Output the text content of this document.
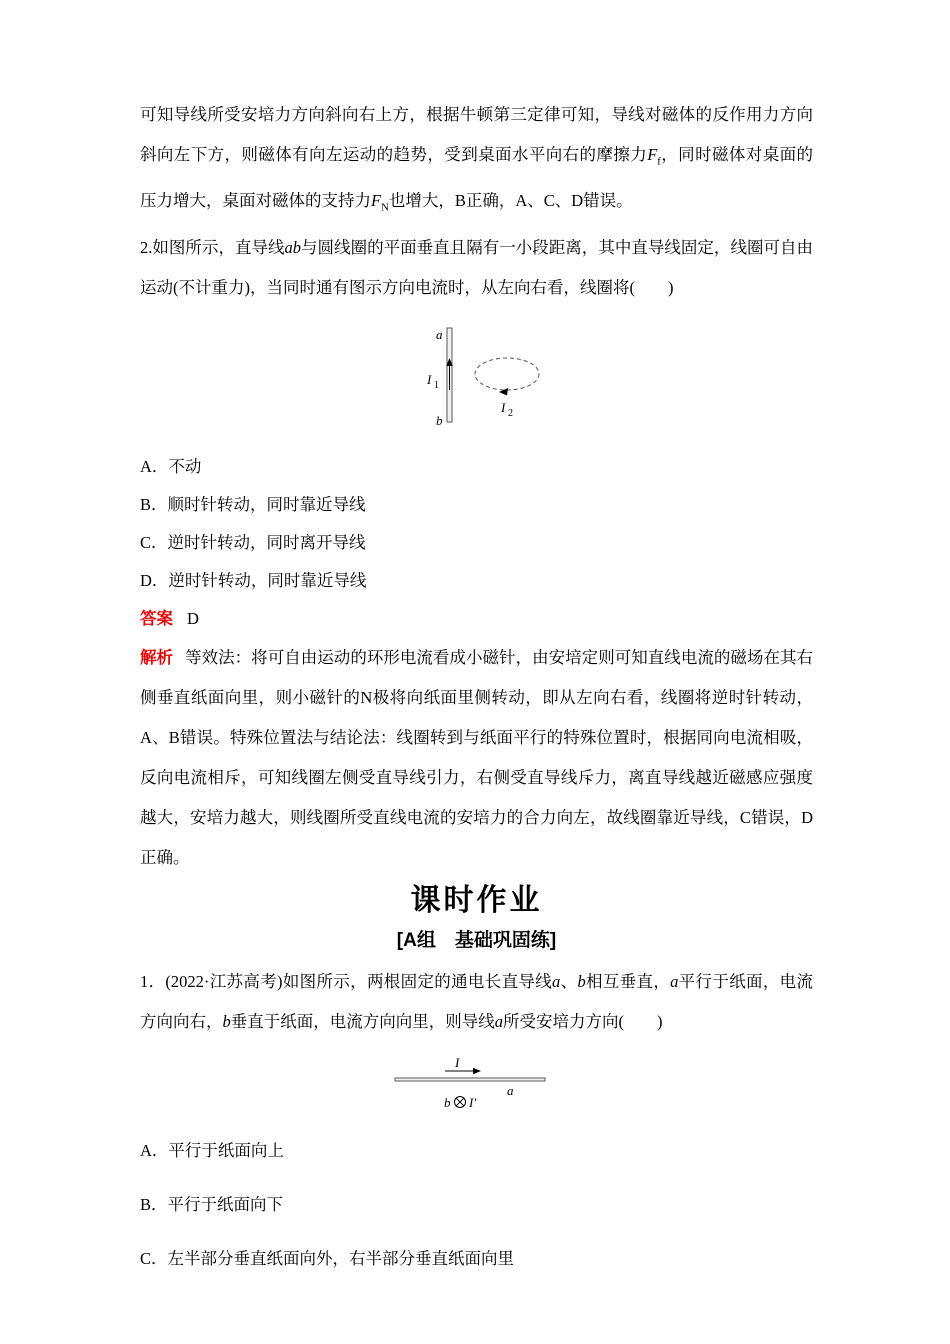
可知导线所受安培力方向斜向右上方，根据牛顿第三定律可知，导线对磁体的反作用力方向斜向左下方，则磁体有向左运动的趋势，受到桌面水平向右的摩擦力$F_f$，同时磁体对桌面的压力增大，桌面对磁体的支持力$F_N$也增大，B正确，A、C、D错误。

2.如图所示，直导线ab与圆线圈的平面垂直且隔有一小段距离，其中直导线固定，线圈可自由运动(不计重力)，当同时通有图示方向电流时，从左向右看，线圈将(　　)

a
b
I 1
I 2

A．不动

B．顺时针转动，同时靠近导线

C．逆时针转动，同时离开导线

D．逆时针转动，同时靠近导线

答案 D

解析 等效法：将可自由运动的环形电流看成小磁针，由安培定则可知直线电流的磁场在其右侧垂直纸面向里，则小磁针的N极将向纸面里侧转动，即从左向右看，线圈将逆时针转动，A、B错误。特殊位置法与结论法：线圈转到与纸面平行的特殊位置时，根据同向电流相吸，反向电流相斥，可知线圈左侧受直导线引力，右侧受直导线斥力，离直导线越近磁感应强度越大，安培力越大，则线圈所受直线电流的安培力的合力向左，故线圈靠近导线，C错误，D正确。

课时作业
[A组　基础巩固练]

1．(2022·江苏高考)如图所示，两根固定的通电长直导线a、b相互垂直，a平行于纸面，电流方向向右，b垂直于纸面，电流方向向里，则导线a所受安培力方向(　　)

I
a
b I′

A．平行于纸面向上

B．平行于纸面向下

C．左半部分垂直纸面向外，右半部分垂直纸面向里
